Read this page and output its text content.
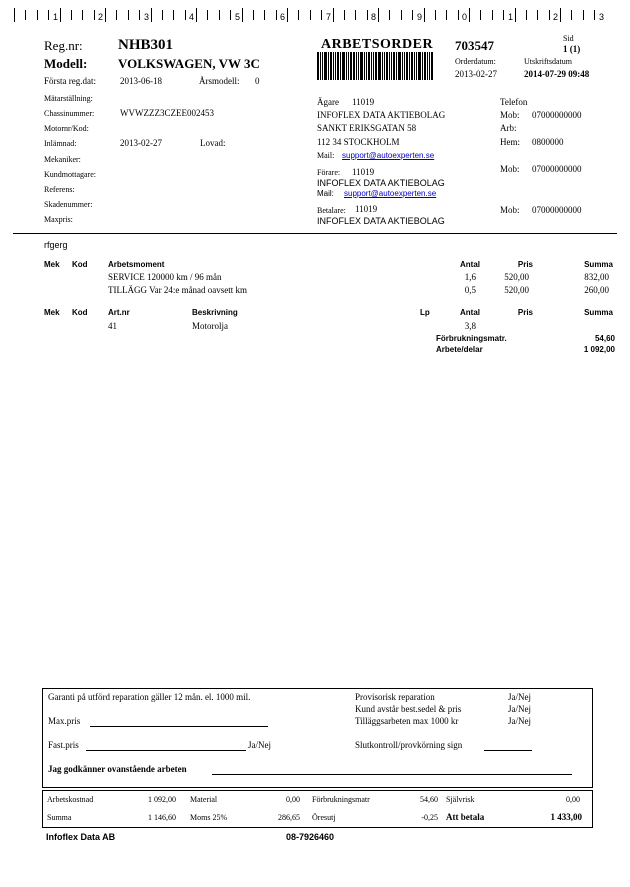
1	2	3	4	5	6	7	8	9	0	1	2	3
Reg.nr: NHB301
Modell: VOLKSWAGEN, VW 3C
Första reg.dat:	2013-06-18	Årsmodell: 0
Mätarställning:
Chassinummer:	WVWZZZ3CZEE002453
Motornr/Kod:
Inlämnad:	2013-02-27	Lovad:
Mekaniker:
Kundmottagare:
Referens:
Skadenummer:
Maxpris:
ARBETSORDER 703547	Sid
1 (1)
Orderdatum:	Utskriftsdatum
2013-02-27	2014-07-29 09:48
Ägare 11019
INFOFLEX DATA AKTIEBOLAG
SANKT ERIKSGATAN 58
112 34 STOCKHOLM
Mail: support@autoexperten.se
Telefon
Mob: 07000000000
Arb:
Hem: 0800000
Förare: 11019
INFOFLEX DATA AKTIEBOLAG
Mail: support@autoexperten.se
Mob: 07000000000
Betalare: 11019
INFOFLEX DATA AKTIEBOLAG
Mob: 07000000000
rfgerg
Mek Kod	Arbetsmoment	Antal	Pris	Summa
SERVICE 120000 km / 96 mån	1,6	520,00	832,00
TILLÄGG Var 24:e månad oavsett km	0,5	520,00	260,00
Mek Kod	Art.nr	Beskrivning	Lp	Antal	Pris	Summa
41	Motorolja	3,8
Förbrukningsmatr.	54,60
Arbete/delar	1 092,00
Garanti på utförd reparation gäller 12 mån. el. 1000 mil.
Max.pris
Fast.pris	Ja/Nej
Provisorisk reparation	Ja/Nej
Kund avstår best.sedel & pris	Ja/Nej
Tilläggsarbeten max 1000 kr	Ja/Nej
Slutkontroll/provkörning sign
Jag godkänner ovanstående arbeten
Arbetskostnad	1 092,00 Material	0,00 Förbrukningsmatr	54,60 Självrisk	0,00
Summa	1 146,60 Moms 25%	286,65 Öresutj	-0,25 Att betala	1 433,00
Infoflex Data AB	08-7926460
